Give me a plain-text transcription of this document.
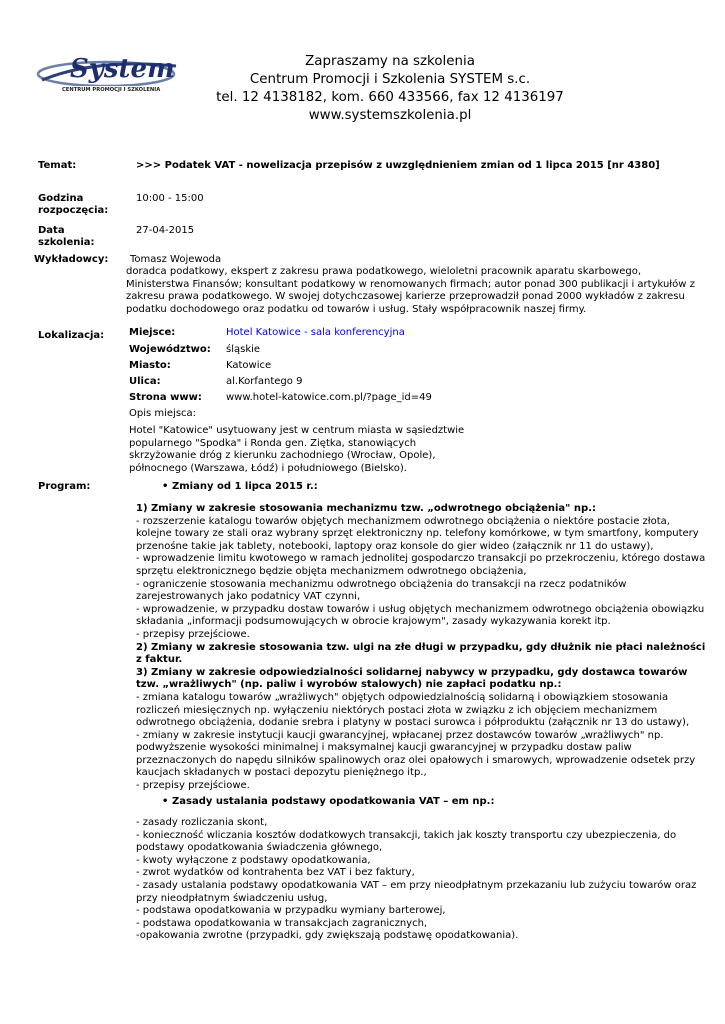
System
CENTRUM PROMOCJI I SZKOLENIA
Zapraszamy na szkolenia
Centrum Promocji i Szkolenia SYSTEM s.c.
tel. 12 4138182, kom. 660 433566, fax 12 4136197
www.systemszkolenia.pl
Temat:	>>> Podatek VAT - nowelizacja przepisów z uwzględnieniem zmian od 1 lipca 2015 [nr 4380]
Godzina
rozpoczęcia:
10:00 - 15:00
Data
szkolenia:
27-04-2015
Wykładowcy: Tomasz Wojewoda
doradca podatkowy, ekspert z zakresu prawa podatkowego, wieloletni pracownik aparatu skarbowego,
Ministerstwa Finansów; konsultant podatkowy w renomowanych firmach; autor ponad 300 publikacji i artykułów z
zakresu prawa podatkowego. W swojej dotychczasowej karierze przeprowadził ponad 2000 wykładów z zakresu
podatku dochodowego oraz podatku od towarów i usług. Stały współpracownik naszej firmy.
Lokalizacja: Miejsce:	Hotel Katowice - sala konferencyjna
Województwo:	śląskie
Miasto:	Katowice
Ulica:	al.Korfantego 9
Strona www:	www.hotel-katowice.com.pl/?page_id=49
Opis miejsca:
Hotel "Katowice" usytuowany jest w centrum miasta w sąsiedztwie
popularnego "Spodka" i Ronda gen. Ziętka, stanowiących
skrzyżowanie dróg z kierunku zachodniego (Wrocław, Opole),
północnego (Warszawa, Łódź) i południowego (Bielsko).
Program:	• Zmiany od 1 lipca 2015 r.:
1) Zmiany w zakresie stosowania mechanizmu tzw. „odwrotnego obciążenia" np.:
- rozszerzenie katalogu towarów objętych mechanizmem odwrotnego obciążenia o niektóre postacie złota,
kolejne towary ze stali oraz wybrany sprzęt elektroniczny np. telefony komórkowe, w tym smartfony, komputery
przenośne takie jak tablety, notebooki, laptopy oraz konsole do gier wideo (załącznik nr 11 do ustawy),
- wprowadzenie limitu kwotowego w ramach jednolitej gospodarczo transakcji po przekroczeniu, którego dostawa
sprzętu elektronicznego będzie objęta mechanizmem odwrotnego obciążenia,
- ograniczenie stosowania mechanizmu odwrotnego obciążenia do transakcji na rzecz podatników
zarejestrowanych jako podatnicy VAT czynni,
- wprowadzenie, w przypadku dostaw towarów i usług objętych mechanizmem odwrotnego obciążenia obowiązku
składania „informacji podsumowujących w obrocie krajowym", zasady wykazywania korekt itp.
- przepisy przejściowe.
2) Zmiany w zakresie stosowania tzw. ulgi na złe długi w przypadku, gdy dłużnik nie płaci należności
z faktur.
3) Zmiany w zakresie odpowiedzialności solidarnej nabywcy w przypadku, gdy dostawca towarów
tzw. „wrażliwych" (np. paliw i wyrobów stalowych) nie zapłaci podatku np.:
- zmiana katalogu towarów „wrażliwych" objętych odpowiedzialnością solidarną i obowiązkiem stosowania
rozliczeń miesięcznych np. wyłączeniu niektórych postaci złota w związku z ich objęciem mechanizmem
odwrotnego obciążenia, dodanie srebra i platyny w postaci surowca i półproduktu (załącznik nr 13 do ustawy),
- zmiany w zakresie instytucji kaucji gwarancyjnej, wpłacanej przez dostawców towarów „wrażliwych" np.
podwyższenie wysokości minimalnej i maksymalnej kaucji gwarancyjnej w przypadku dostaw paliw
przeznaczonych do napędu silników spalinowych oraz olei opałowych i smarowych, wprowadzenie odsetek przy
kaucjach składanych w postaci depozytu pieniężnego itp.,
- przepisy przejściowe.
• Zasady ustalania podstawy opodatkowania VAT – em np.:
- zasady rozliczania skont,
- konieczność wliczania kosztów dodatkowych transakcji, takich jak koszty transportu czy ubezpieczenia, do
podstawy opodatkowania świadczenia głównego,
- kwoty wyłączone z podstawy opodatkowania,
- zwrot wydatków od kontrahenta bez VAT i bez faktury,
- zasady ustalania podstawy opodatkowania VAT – em przy nieodpłatnym przekazaniu lub zużyciu towarów oraz
przy nieodpłatnym świadczeniu usług,
- podstawa opodatkowania w przypadku wymiany barterowej,
- podstawa opodatkowania w transakcjach zagranicznych,
-opakowania zwrotne (przypadki, gdy zwiększają podstawę opodatkowania).
